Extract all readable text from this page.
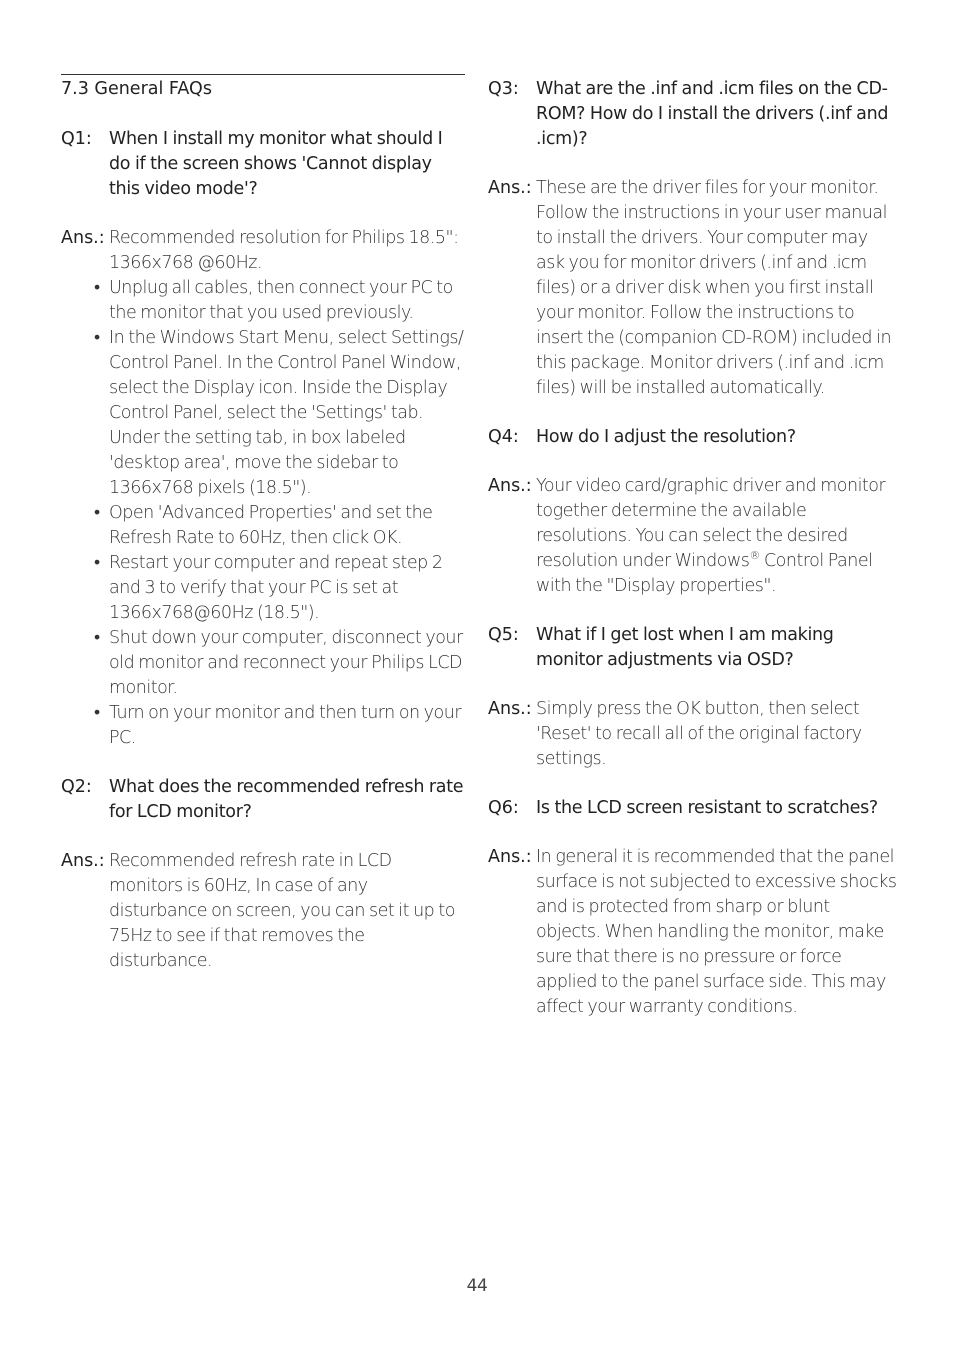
7.3 General FAQs
Q1: When I install my monitor what should I do if the screen shows 'Cannot display this video mode'?
Ans.: Recommended resolution for Philips 18.5": 1366x768 @60Hz.
• Unplug all cables, then connect your PC to the monitor that you used previously.
• In the Windows Start Menu, select Settings/ Control Panel. In the Control Panel Window, select the Display icon. Inside the Display Control Panel, select the 'Settings' tab. Under the setting tab, in box labeled 'desktop area', move the sidebar to 1366x768 pixels (18.5").
• Open 'Advanced Properties' and set the Refresh Rate to 60Hz, then click OK.
• Restart your computer and repeat step 2 and 3 to verify that your PC is set at 1366x768@60Hz (18.5").
• Shut down your computer, disconnect your old monitor and reconnect your Philips LCD monitor.
• Turn on your monitor and then turn on your PC.
Q2: What does the recommended refresh rate for LCD monitor?
Ans.: Recommended refresh rate in LCD monitors is 60Hz, In case of any disturbance on screen, you can set it up to 75Hz to see if that removes the disturbance.
Q3: What are the .inf and .icm files on the CD-ROM? How do I install the drivers (.inf and .icm)?
Ans.: These are the driver files for your monitor. Follow the instructions in your user manual to install the drivers. Your computer may ask you for monitor drivers (.inf and .icm files) or a driver disk when you first install your monitor. Follow the instructions to insert the (companion CD-ROM) included in this package. Monitor drivers (.inf and .icm files) will be installed automatically.
Q4: How do I adjust the resolution?
Ans.: Your video card/graphic driver and monitor together determine the available resolutions. You can select the desired resolution under Windows® Control Panel with the "Display properties".
Q5: What if I get lost when I am making monitor adjustments via OSD?
Ans.: Simply press the OK button, then select 'Reset' to recall all of the original factory settings.
Q6: Is the LCD screen resistant to scratches?
Ans.: In general it is recommended that the panel surface is not subjected to excessive shocks and is protected from sharp or blunt objects. When handling the monitor, make sure that there is no pressure or force applied to the panel surface side. This may affect your warranty conditions.
44
